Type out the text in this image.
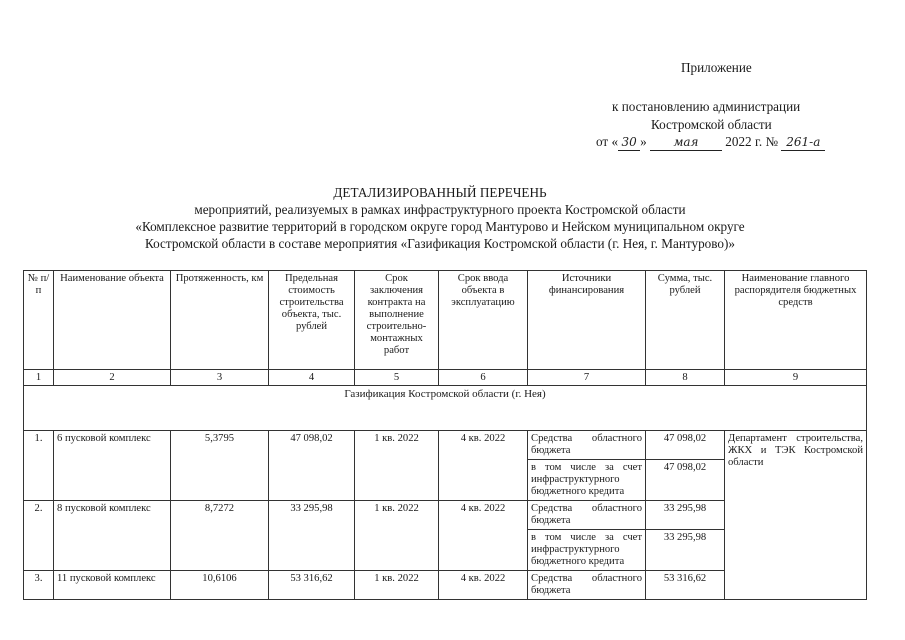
Приложение
к постановлению администрации
Костромской области
от « 30 » мая 2022 г. № 261-а
ДЕТАЛИЗИРОВАННЫЙ ПЕРЕЧЕНЬ
мероприятий, реализуемых в рамках инфраструктурного проекта Костромской области
«Комплексное развитие территорий в городском округе город Мантурово и Нейском муниципальном округе
Костромской области в составе мероприятия «Газификация Костромской области (г. Нея, г. Мантурово)»
№ п/п	Наименование объекта	Протяженность, км	Предельная стоимость строительства объекта, тыс. рублей	Срок заключения контракта на выполнение строительно-монтажных работ	Срок ввода объекта в эксплуатацию	Источники финансирования	Сумма, тыс. рублей	Наименование главного распорядителя бюджетных средств
1	2	3	4	5	6	7	8	9
Газификация Костромской области (г. Нея)								
1.	6 пусковой комплекс	5,3795	47 098,02	1 кв. 2022	4 кв. 2022	Средства областного бюджета	47 098,02	Департамент строительства, ЖКХ и ТЭК Костромской области
						в том числе за счет инфраструктурного бюджетного кредита	47 098,02	
2.	8 пусковой комплекс	8,7272	33 295,98	1 кв. 2022	4 кв. 2022	Средства областного бюджета	33 295,98	
						в том числе за счет инфраструктурного бюджетного кредита	33 295,98	
3.	11 пусковой комплекс	10,6106	53 316,62	1 кв. 2022	4 кв. 2022	Средства областного бюджета	53 316,62	
